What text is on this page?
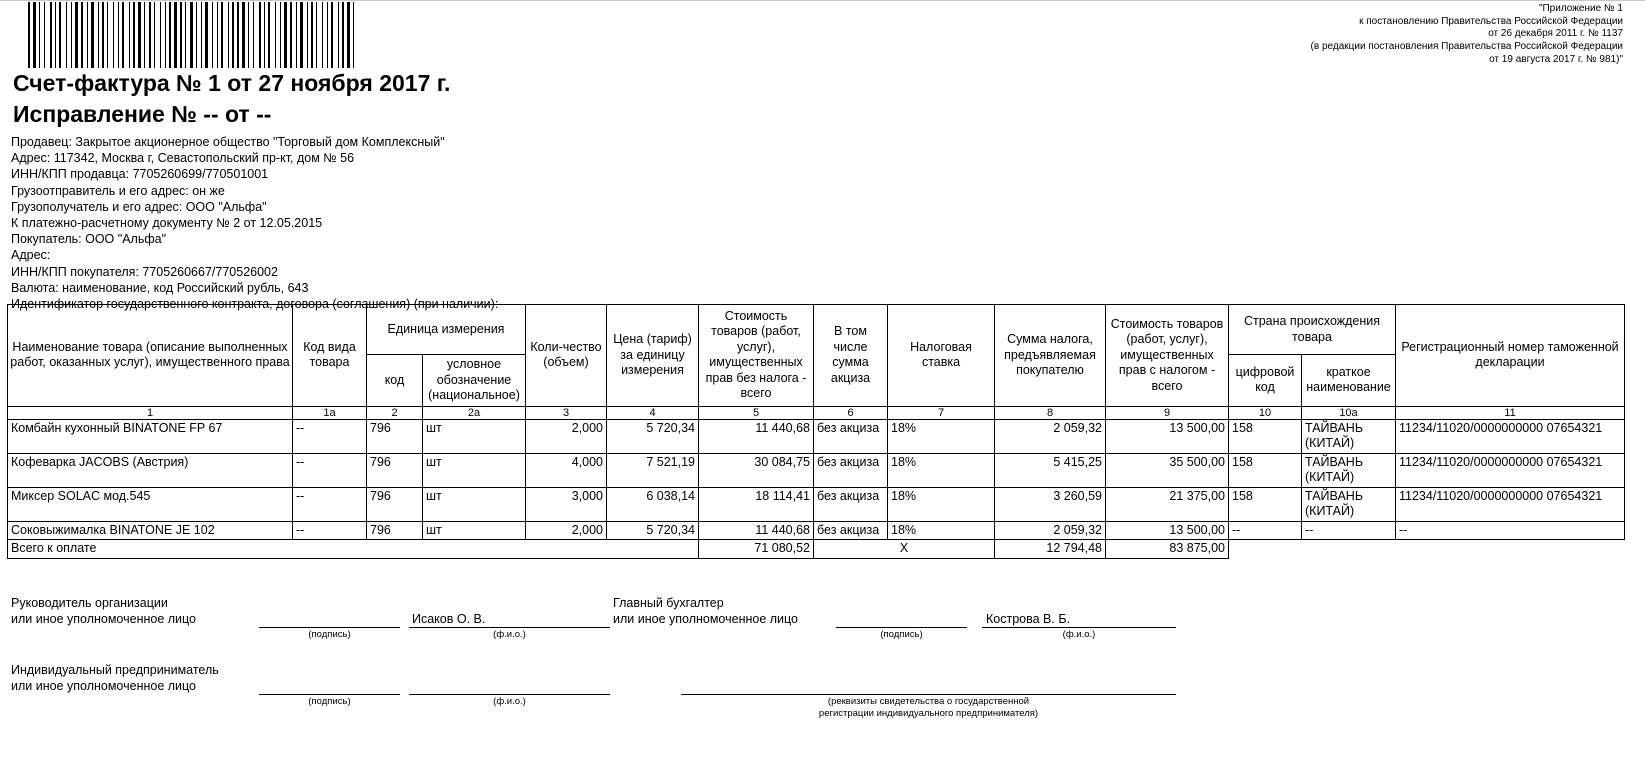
"Приложение № 1
к постановлению Правительства Российской Федерации
от 26 декабря 2011 г. № 1137
(в редакции постановления Правительства Российской Федерации
от 19 августа 2017 г. № 981)"
Счет-фактура № 1 от 27 ноября 2017 г.
Исправление № -- от --
Продавец: Закрытое акционерное общество "Торговый дом Комплексный"
Адрес: 117342, Москва г, Севастопольский пр-кт, дом № 56
ИНН/КПП продавца: 7705260699/770501001
Грузоотправитель и его адрес: он же
Грузополучатель и его адрес: ООО "Альфа"
К платежно-расчетному документу № 2 от 12.05.2015
Покупатель: ООО "Альфа"
Адрес:
ИНН/КПП покупателя: 7705260667/770526002
Валюта: наименование, код Российский рубль, 643
Идентификатор государственного контракта, договора (соглашения) (при наличии):
Наименование товара (описание выполненных работ, оказанных услуг), имущественного права	Код вида товара	Единица измерения		Коли-чество (объем)	Цена (тариф) за единицу измерения	Стоимость товаров (работ, услуг), имущественных прав без налога - всего	В том числе сумма акциза	Налоговая ставка	Сумма налога, предъявляемая покупателю	Стоимость товаров (работ, услуг), имущественных прав с налогом - всего	Страна происхождения товара		Регистрационный номер таможенной декларации
		код	условное обозначение (национальное)								цифровой код	краткое наименование	
1	1а	2	2а	3	4	5	6	7	8	9	10	10а	11
Комбайн кухонный BINATONE FP 67	--	796	шт	2,000	5 720,34	11 440,68	без акциза	18%	2 059,32	13 500,00	158	ТАЙВАНЬ (КИТАЙ)	11234/11020/0000000000 07654321
Кофеварка JACOBS (Австрия)	--	796	шт	4,000	7 521,19	30 084,75	без акциза	18%	5 415,25	35 500,00	158	ТАЙВАНЬ (КИТАЙ)	11234/11020/0000000000 07654321
Миксер SOLAC мод.545	--	796	шт	3,000	6 038,14	18 114,41	без акциза	18%	3 260,59	21 375,00	158	ТАЙВАНЬ (КИТАЙ)	11234/11020/0000000000 07654321
Соковыжималка BINATONE JE 102	--	796	шт	2,000	5 720,34	11 440,68	без акциза	18%	2 059,32	13 500,00	--	--	--
Всего к оплате						71 080,52	X		12 794,48	83 875,00			
Руководитель организации
или иное уполномоченное лицо
(подпись)
Исаков О. В.
(ф.и.о.)
Главный бухгалтер
или иное уполномоченное лицо
(подпись)
Кострова В. Б.
(ф.и.о.)
Индивидуальный предприниматель
или иное уполномоченное лицо
(подпись)	(ф.и.о.)	(реквизиты свидетельства о государственной
регистрации индивидуального предпринимателя)
